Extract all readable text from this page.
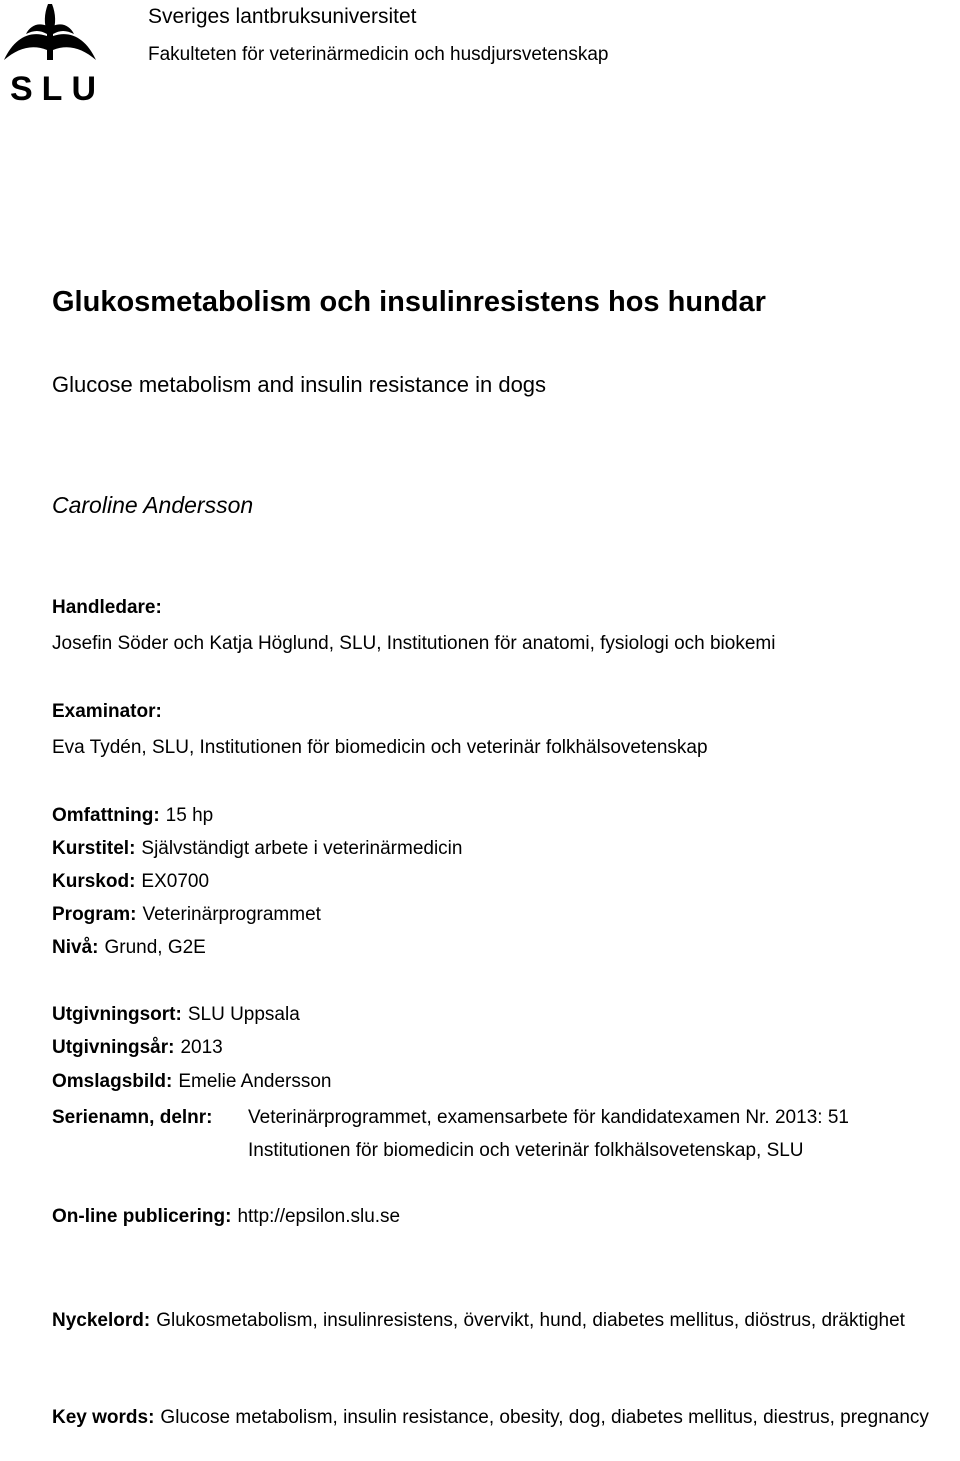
SLU
Sveriges lantbruksuniversitet
Fakulteten för veterinärmedicin och husdjursvetenskap
Glukosmetabolism och insulinresistens hos hundar
Glucose metabolism and insulin resistance in dogs
Caroline Andersson
Handledare:
Josefin Söder och Katja Höglund, SLU, Institutionen för anatomi, fysiologi och biokemi
Examinator:
Eva Tydén, SLU, Institutionen för biomedicin och veterinär folkhälsovetenskap
Omfattning: 15 hp
Kurstitel: Självständigt arbete i veterinärmedicin
Kurskod: EX0700
Program: Veterinärprogrammet
Nivå: Grund, G2E
Utgivningsort: SLU Uppsala
Utgivningsår: 2013
Omslagsbild: Emelie Andersson
Serienamn, delnr: Veterinärprogrammet, examensarbete för kandidatexamen Nr. 2013: 51
Institutionen för biomedicin och veterinär folkhälsovetenskap, SLU
On-line publicering: http://epsilon.slu.se
Nyckelord: Glukosmetabolism, insulinresistens, övervikt, hund, diabetes mellitus, diöstrus, dräktighet
Key words: Glucose metabolism, insulin resistance, obesity, dog, diabetes mellitus, diestrus, pregnancy
